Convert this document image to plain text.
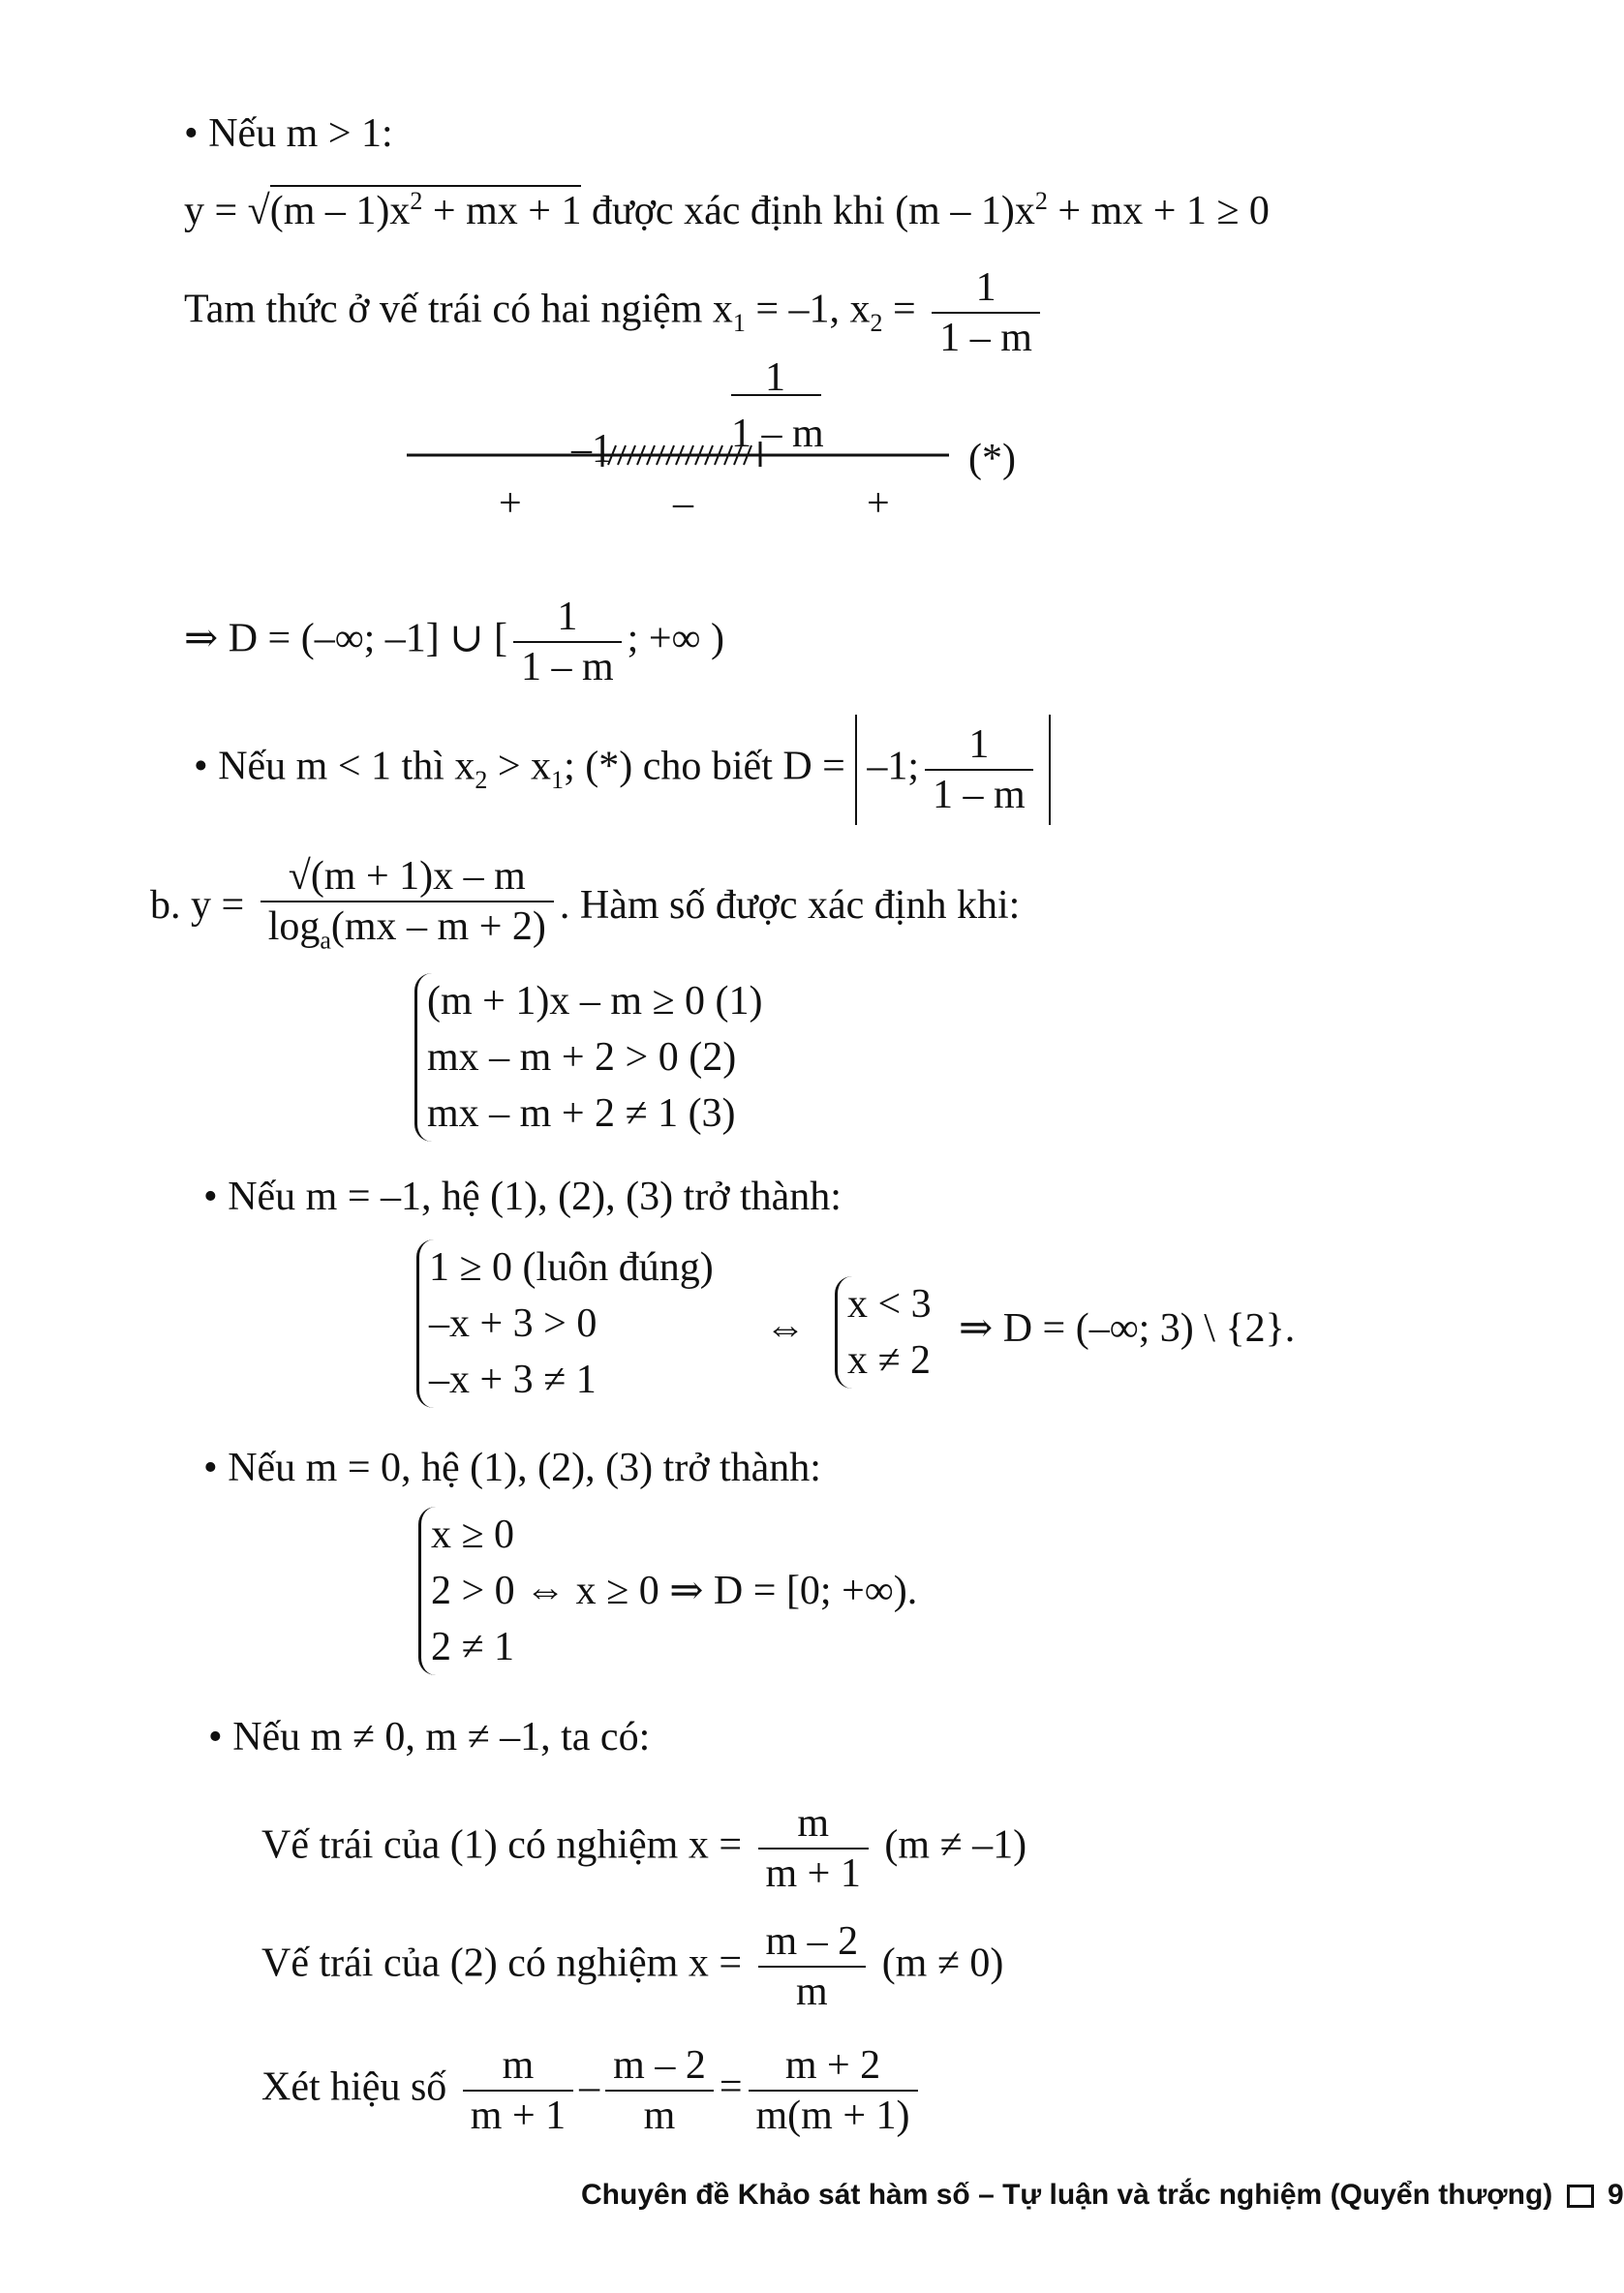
• Nếu m > 1:
$y = √(m - 1)x^2$ + mx + 1 được xác định khi $(m - 1)x^2$ + mx + 1 ≥ 0
Tam thức ở vế trái có hai ngiệm $x_1 = -1$, $x_2 = \frac{1}{1 - m}$
–1
1
1 – m
(*)
+	–	+
⇒ D = (–∞; –1] ∪ [ $\frac{1}{1 - m}$ ; +∞ )
• Nếu m < 1 thì $x_2 > x_1$; (*) cho biết D = –1; $\frac{1}{1 - m}$
b. $y = \frac{√(m + 1)x - m}{\log_a(mx - m + 2)}$ . Hàm số được xác định khi:
(m + 1)x – m ≥ 0 (1)
mx – m + 2 > 0 (2)
mx – m + 2 ≠ 1 (3)
• Nếu m = –1, hệ (1), (2), (3) trở thành:
1 ≥ 0 (luôn đúng)
–x + 3 > 0
–x + 3 ≠ 1
⇔
x < 3
x ≠ 2
⇒ D = (–∞; 3) \ {2}.
• Nếu m = 0, hệ (1), (2), (3) trở thành:
x ≥ 0
2 > 0 ⇔ x ≥ 0 ⇒ D = [0; +∞).
2 ≠ 1
• Nếu m ≠ 0, m ≠ –1, ta có:
Vế trái của (1) có nghiệm $x = \frac{m}{m + 1} (m \ne -1)$
Vế trái của (2) có nghiệm $x = \frac{m - 2}{m} (m \ne 0)$
Xét hiệu số $\frac{m}{m + 1} - \frac{m - 2}{m} = \frac{m + 2}{m(m + 1)}$
Chuyên đề Khảo sát hàm số – Tự luận và trắc nghiệm (Quyển thượng) 9
